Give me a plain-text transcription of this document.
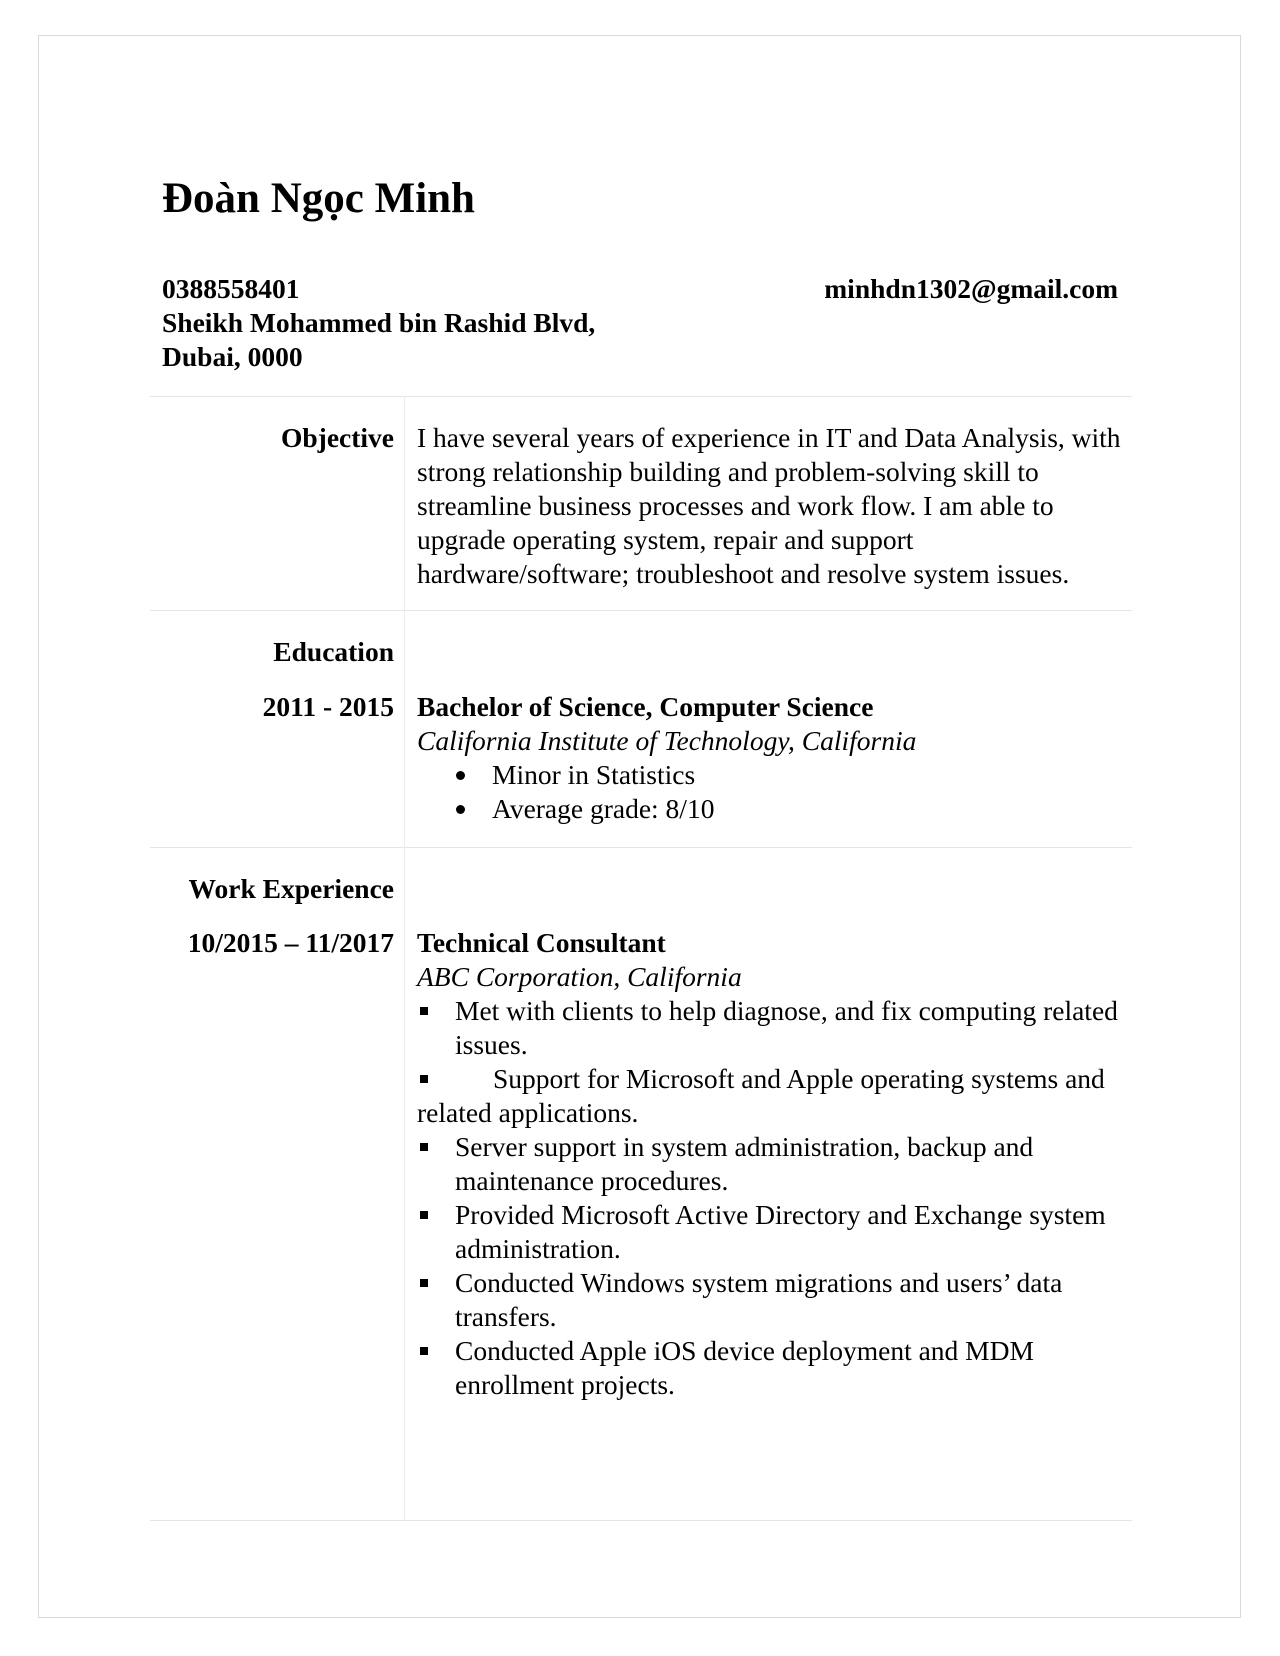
Đoàn Ngọc Minh
0388558401
Sheikh Mohammed bin Rashid Blvd,
Dubai, 0000
minhdn1302@gmail.com
Objective I have several years of experience in IT and Data Analysis, with strong relationship building and problem-solving skill to streamline business processes and work flow. I am able to upgrade operating system, repair and support hardware/software; troubleshoot and resolve system issues.

Education
2011 - 2015 Bachelor of Science, Computer Science

California Institute of Technology, California

Minor in Statistics
Average grade: 8/10
Work Experience
10/2015 – 11/2017 Technical Consultant

ABC Corporation, California

Met with clients to help diagnose, and fix computing related issues.
Support for Microsoft and Apple operating systems and related applications.
Server support in system administration, backup and maintenance procedures.
Provided Microsoft Active Directory and Exchange system administration.
Conducted Windows system migrations and users’ data transfers.
Conducted Apple iOS device deployment and MDM enrollment projects.
